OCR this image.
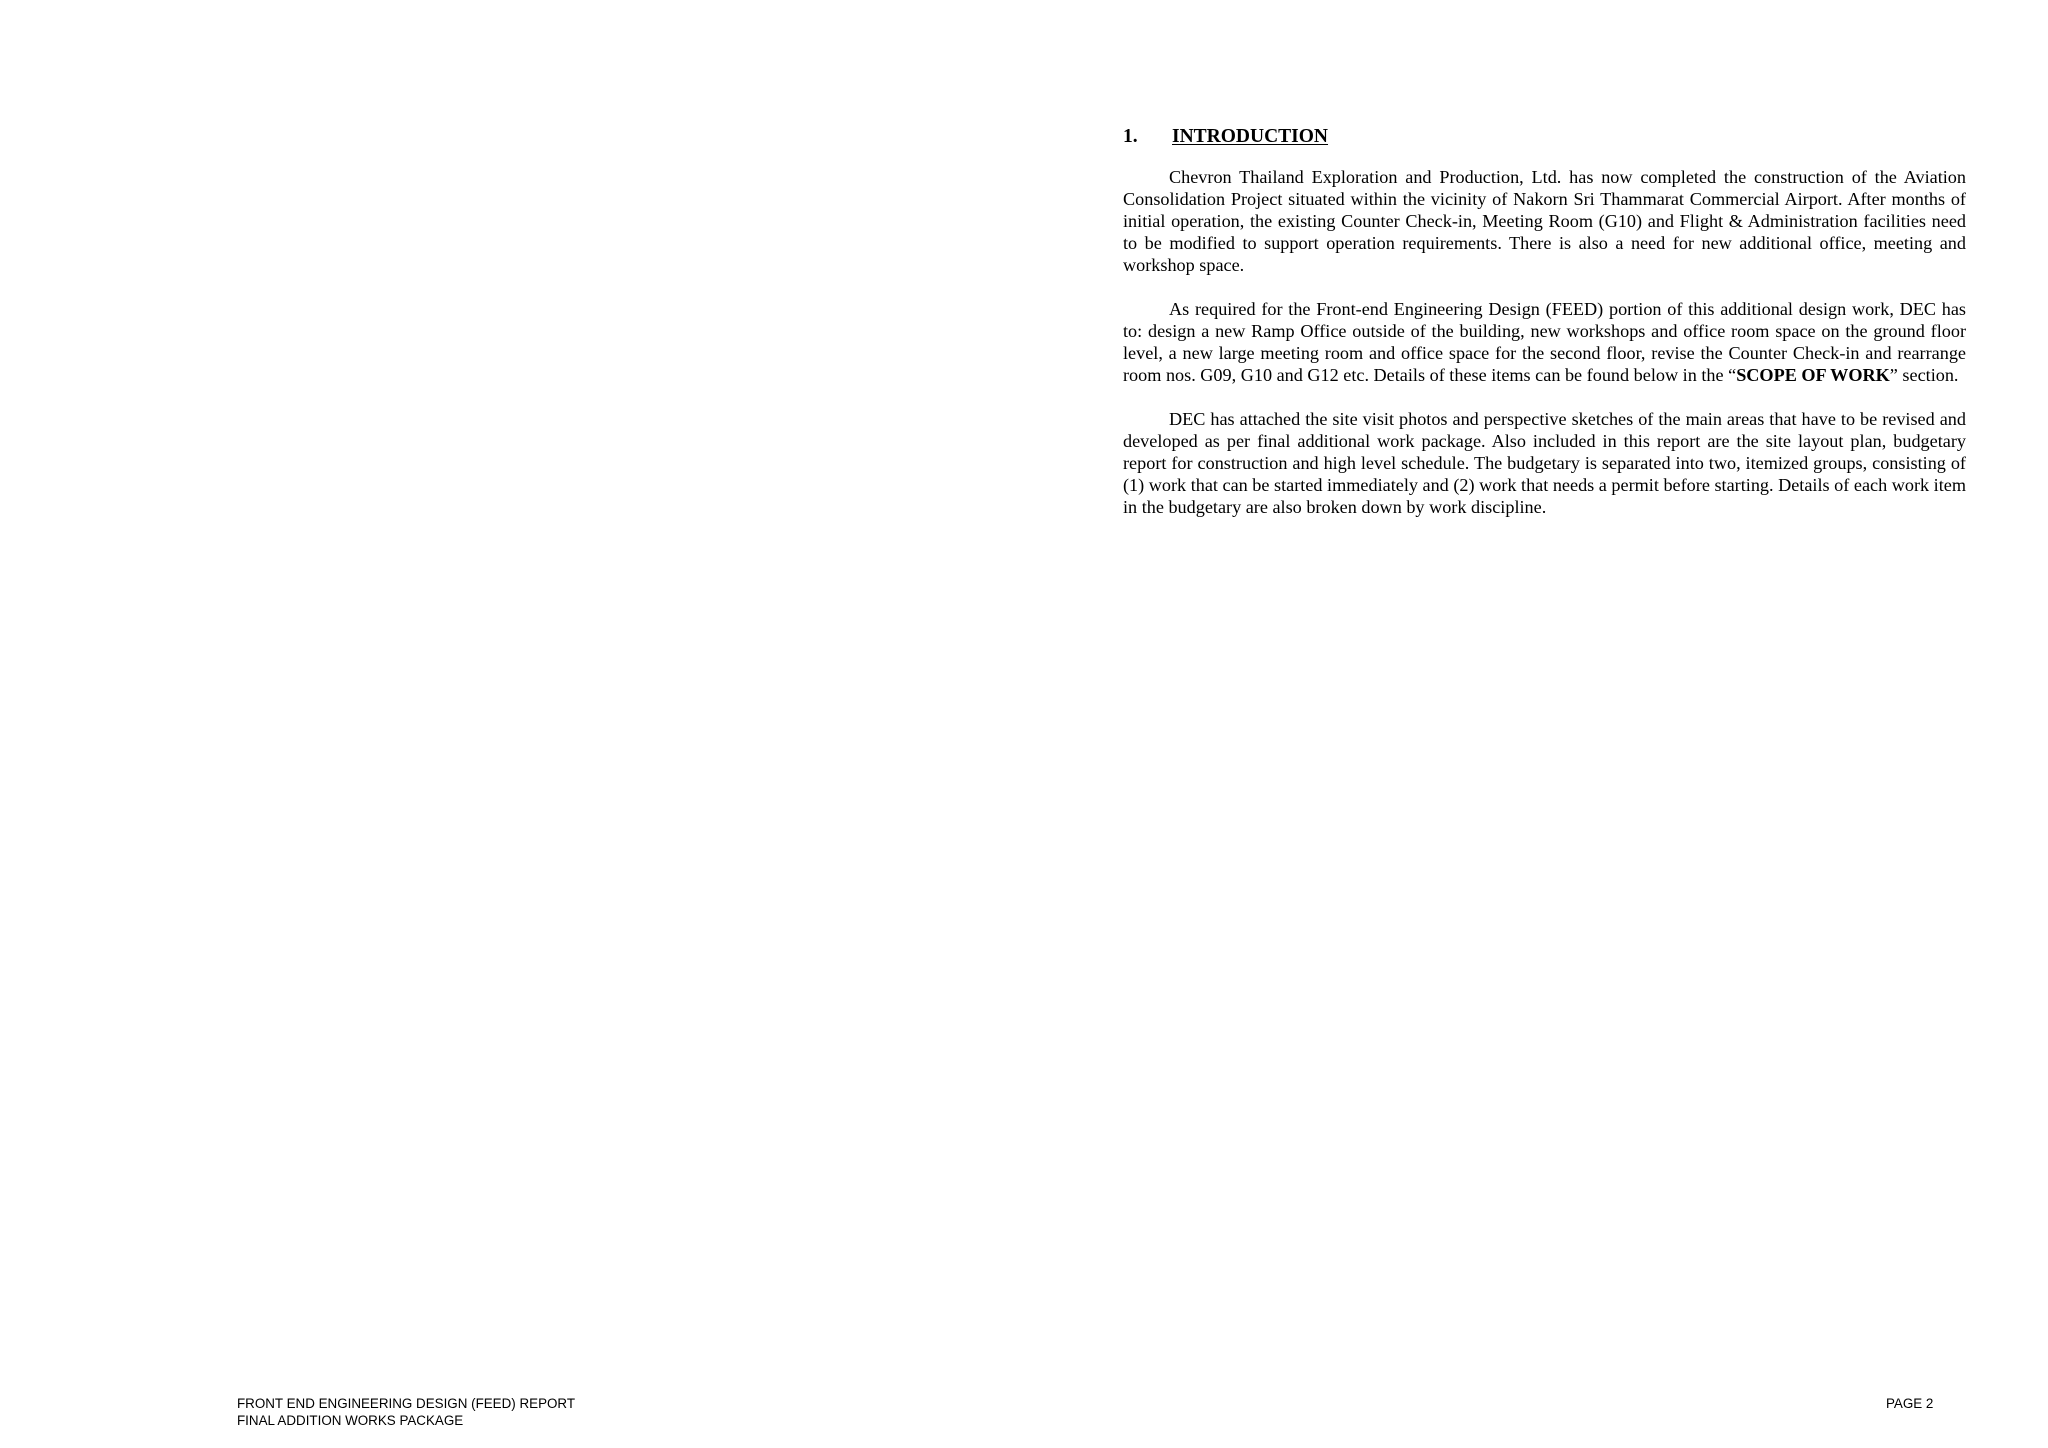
1. INTRODUCTION

Chevron Thailand Exploration and Production, Ltd. has now completed the construction of the Aviation Consolidation Project situated within the vicinity of Nakorn Sri Thammarat Commercial Airport. After months of initial operation, the existing Counter Check-in, Meeting Room (G10) and Flight & Administration facilities need to be modified to support operation requirements. There is also a need for new additional office, meeting and workshop space.

As required for the Front-end Engineering Design (FEED) portion of this additional design work, DEC has to: design a new Ramp Office outside of the building, new workshops and office room space on the ground floor level, a new large meeting room and office space for the second floor, revise the Counter Check-in and rearrange room nos. G09, G10 and G12 etc. Details of these items can be found below in the “SCOPE OF WORK” section.

DEC has attached the site visit photos and perspective sketches of the main areas that have to be revised and developed as per final additional work package. Also included in this report are the site layout plan, budgetary report for construction and high level schedule. The budgetary is separated into two, itemized groups, consisting of (1) work that can be started immediately and (2) work that needs a permit before starting. Details of each work item in the budgetary are also broken down by work discipline.

FRONT END ENGINEERING DESIGN (FEED) REPORT
FINAL ADDITION WORKS PACKAGE
PAGE 2
